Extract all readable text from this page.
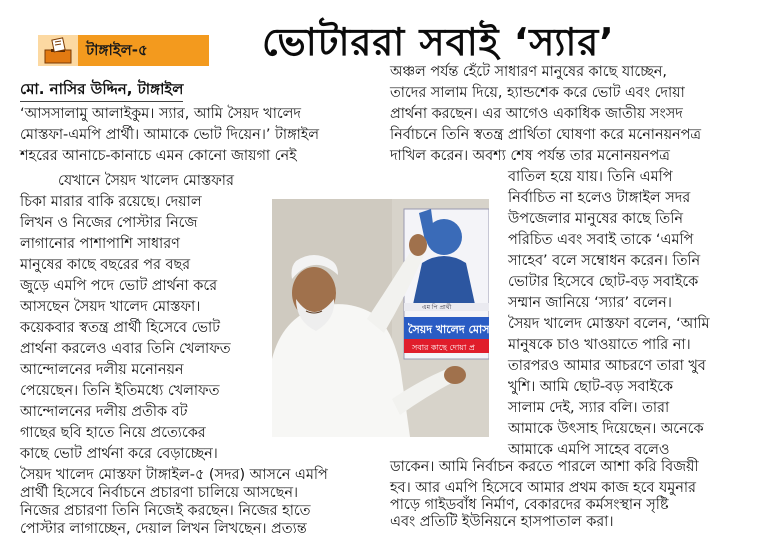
টাঙ্গাইল-৫	ভোটাররা সবাই ‘স্যার’
মো. নাসির উদ্দিন, টাঙ্গাইল
এম পি প্রার্থী
সৈয়দ খালেদ মোস
সবার কাছে দোয়া প্র
‘আসসালামু আলাইকুম। স্যার, আমি সৈয়দ খালেদ
মোস্তফা-এমপি প্রার্থী। আমাকে ভোট দিয়েন।’ টাঙ্গাইল
শহরের আনাচে-কানাচে এমন কোনো জায়গা নেই
যেখানে সৈয়দ খালেদ মোস্তফার
চিকা মারার বাকি রয়েছে। দেয়াল
লিখন ও নিজের পোস্টার নিজে
লাগানোর পাশাপাশি সাধারণ
মানুষের কাছে বছরের পর বছর
জুড়ে এমপি পদে ভোট প্রার্থনা করে
আসছেন সৈয়দ খালেদ মোস্তফা।
কয়েকবার স্বতন্ত্র প্রার্থী হিসেবে ভোট
প্রার্থনা করলেও এবার তিনি খেলাফত
আন্দোলনের দলীয় মনোনয়ন
পেয়েছেন। তিনি ইতিমধ্যে খেলাফত
আন্দোলনের দলীয় প্রতীক বট
গাছের ছবি হাতে নিয়ে প্রত্যেকের
কাছে ভোট প্রার্থনা করে বেড়াচ্ছেন।
সৈয়দ খালেদ মোস্তফা টাঙ্গাইল-৫ (সদর) আসনে এমপি
প্রার্থী হিসেবে নির্বাচনে প্রচারণা চালিয়ে আসছেন।
নিজের প্রচারণা তিনি নিজেই করছেন। নিজের হাতে
পোস্টার লাগাচ্ছেন, দেয়াল লিখন লিখছেন। প্রত্যন্ত
অঞ্চল পর্যন্ত হেঁটে সাধারণ মানুষের কাছে যাচ্ছেন,
তাদের সালাম দিয়ে, হ্যান্ডশেক করে ভোট এবং দোয়া
প্রার্থনা করছেন। এর আগেও একাধিক জাতীয় সংসদ
নির্বাচনে তিনি স্বতন্ত্র প্রার্থিতা ঘোষণা করে মনোনয়নপত্র
দাখিল করেন। অবশ্য শেষ পর্যন্ত তার মনোনয়নপত্র
বাতিল হয়ে যায়। তিনি এমপি
নির্বাচিত না হলেও টাঙ্গাইল সদর
উপজেলার মানুষের কাছে তিনি
পরিচিত এবং সবাই তাকে ‘এমপি
সাহেব’ বলে সম্বোধন করেন। তিনি
ভোটার হিসেবে ছোট-বড় সবাইকে
সম্মান জানিয়ে ‘স্যার’ বলেন।
সৈয়দ খালেদ মোস্তফা বলেন, ‘আমি
মানুষকে চাও খাওয়াতে পারি না।
তারপরও আমার আচরণে তারা খুব
খুশি। আমি ছোট-বড় সবাইকে
সালাম দেই, স্যার বলি। তারা
আমাকে উৎসাহ দিয়েছেন। অনেকে
আমাকে এমপি সাহেব বলেও
ডাকেন। আমি নির্বাচন করতে পারলে আশা করি বিজয়ী
হব। আর এমপি হিসেবে আমার প্রথম কাজ হবে যমুনার
পাড়ে গাইডবাঁধ নির্মাণ, বেকারদের কর্মসংস্থান সৃষ্টি
এবং প্রতিটি ইউনিয়নে হাসপাতাল করা।
